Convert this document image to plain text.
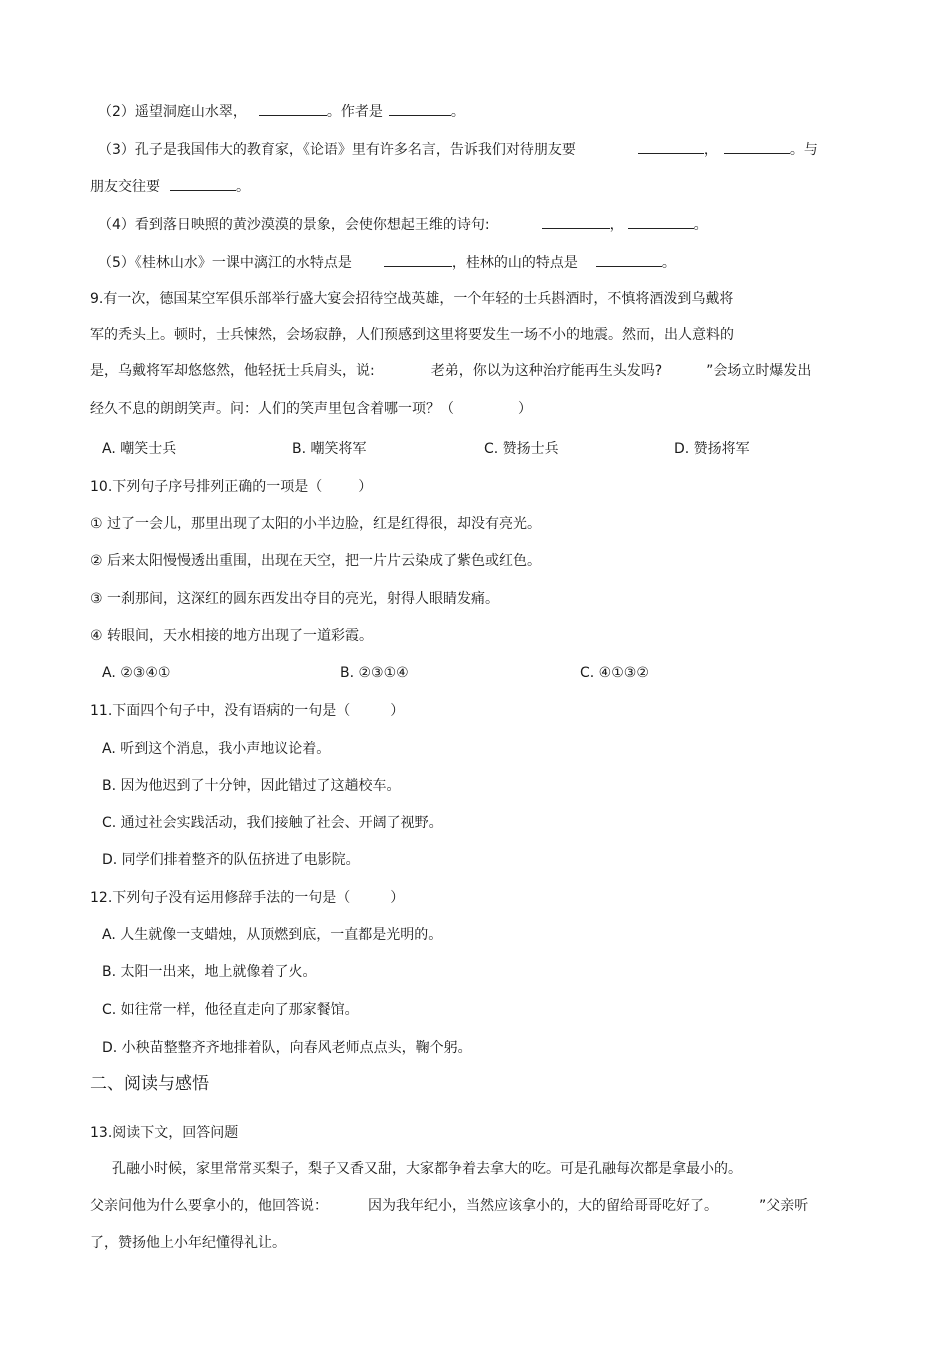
（2）遥望洞庭山水翠，	。作者是	。
（3）孔子是我国伟大的教育家，《论语》里有许多名言，告诉我们对待朋友要	，	。与
朋友交往要	。
（4）看到落日映照的黄沙漠漠的景象，会使你想起王维的诗句:	，	。
（5）《桂林山水》一课中漓江的水特点是	，桂林的山的特点是	。
9.有一次，德国某空军俱乐部举行盛大宴会招待空战英雄，一个年轻的士兵斟酒时，不慎将酒泼到乌戴将
军的秃头上。顿时，士兵悚然，会场寂静，人们预感到这里将要发生一场不小的地震。然而，出人意料的
是，乌戴将军却悠悠然，他轻抚士兵肩头，说:	老弟，你以为这种治疗能再生头发吗?	”会场立时爆发出
经久不息的朗朗笑声。问：人们的笑声里包含着哪一项？（	）
A. 嘲笑士兵	B. 嘲笑将军	C. 赞扬士兵	D. 赞扬将军
10.下列句子序号排列正确的一项是（	）
① 过了一会儿，那里出现了太阳的小半边脸，红是红得很，却没有亮光。
② 后来太阳慢慢透出重围，出现在天空，把一片片云染成了紫色或红色。
③ 一刹那间，这深红的圆东西发出夺目的亮光，射得人眼睛发痛。
④ 转眼间，天水相接的地方出现了一道彩霞。
A. ②③④①	B. ②③①④	C. ④①③②
11.下面四个句子中，没有语病的一句是（	）
A. 听到这个消息，我小声地议论着。
B. 因为他迟到了十分钟，因此错过了这趟校车。
C. 通过社会实践活动，我们接触了社会、开阔了视野。
D. 同学们排着整齐的队伍挤进了电影院。
12.下列句子没有运用修辞手法的一句是（	）
A. 人生就像一支蜡烛，从顶燃到底，一直都是光明的。
B. 太阳一出来，地上就像着了火。
C. 如往常一样，他径直走向了那家餐馆。
D. 小秧苗整整齐齐地排着队，向春风老师点点头，鞠个躬。
二、阅读与感悟
13.阅读下文，回答问题
孔融小时候，家里常常买梨子，梨子又香又甜，大家都争着去拿大的吃。可是孔融每次都是拿最小的。
父亲问他为什么要拿小的，他回答说：	因为我年纪小，当然应该拿小的，大的留给哥哥吃好了。	”父亲听
了，赞扬他上小年纪懂得礼让。
